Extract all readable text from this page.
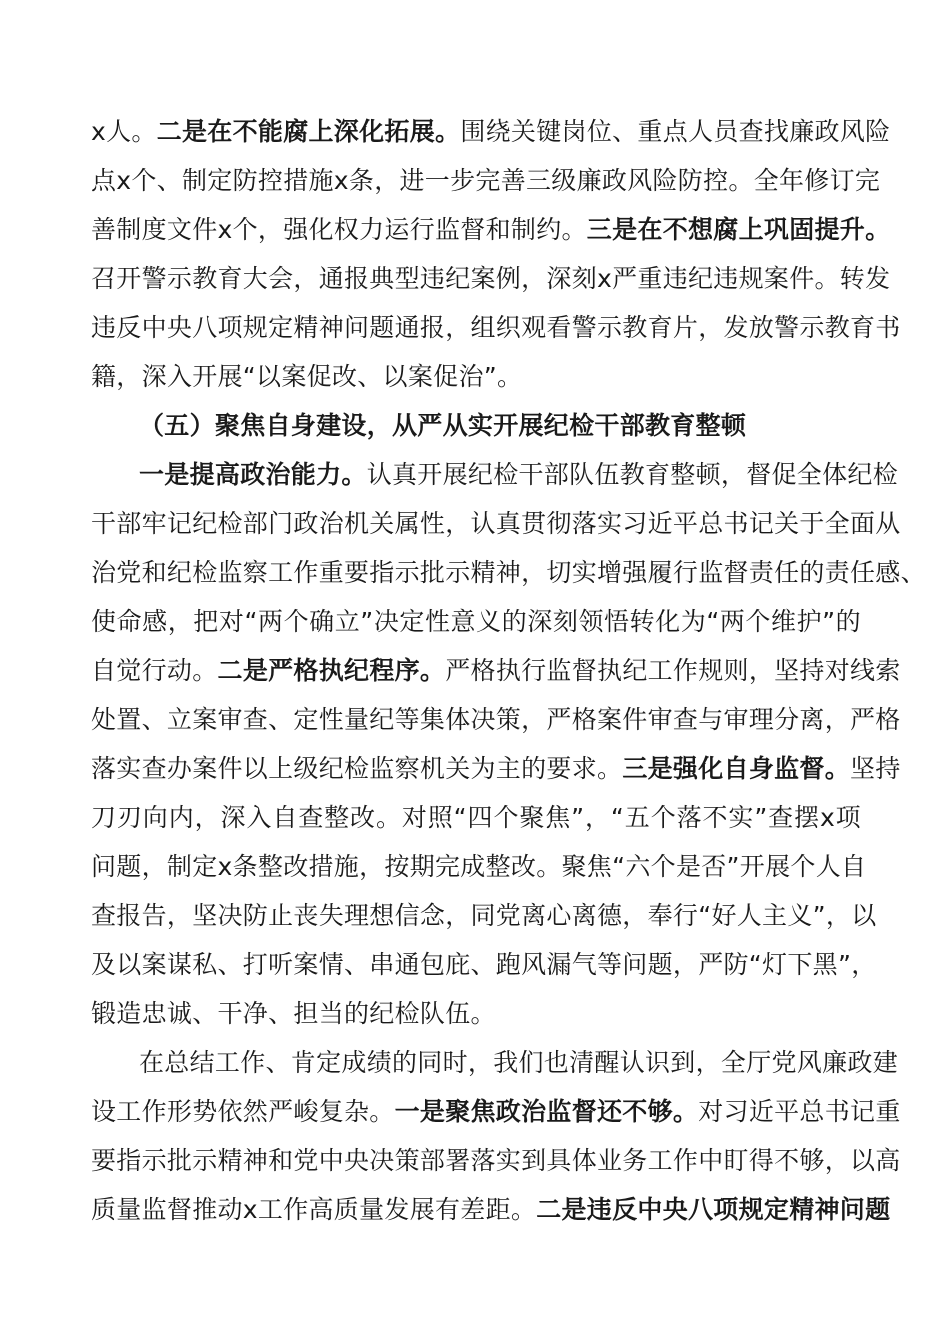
x人。二是在不能腐上深化拓展。围绕关键岗位、重点人员查找廉政风险
点x个、制定防控措施x条，进一步完善三级廉政风险防控。全年修订完
善制度文件x个，强化权力运行监督和制约。三是在不想腐上巩固提升。
召开警示教育大会，通报典型违纪案例，深刻x严重违纪违规案件。转发
违反中央八项规定精神问题通报，组织观看警示教育片，发放警示教育书
籍，深入开展“以案促改、以案促治”。
（五）聚焦自身建设，从严从实开展纪检干部教育整顿
一是提高政治能力。认真开展纪检干部队伍教育整顿，督促全体纪检
干部牢记纪检部门政治机关属性，认真贯彻落实习近平总书记关于全面从
治党和纪检监察工作重要指示批示精神，切实增强履行监督责任的责任感、
使命感，把对“两个确立”决定性意义的深刻领悟转化为“两个维护”的
自觉行动。二是严格执纪程序。严格执行监督执纪工作规则，坚持对线索
处置、立案审查、定性量纪等集体决策，严格案件审查与审理分离，严格
落实查办案件以上级纪检监察机关为主的要求。三是强化自身监督。坚持
刀刃向内，深入自查整改。对照“四个聚焦”，“五个落不实”查摆x项
问题，制定x条整改措施，按期完成整改。聚焦“六个是否”开展个人自
查报告，坚决防止丧失理想信念，同党离心离德，奉行“好人主义”，以
及以案谋私、打听案情、串通包庇、跑风漏气等问题，严防“灯下黑”，
锻造忠诚、干净、担当的纪检队伍。
在总结工作、肯定成绩的同时，我们也清醒认识到，全厅党风廉政建
设工作形势依然严峻复杂。一是聚焦政治监督还不够。对习近平总书记重
要指示批示精神和党中央决策部署落实到具体业务工作中盯得不够，以高
质量监督推动x工作高质量发展有差距。二是违反中央八项规定精神问题
